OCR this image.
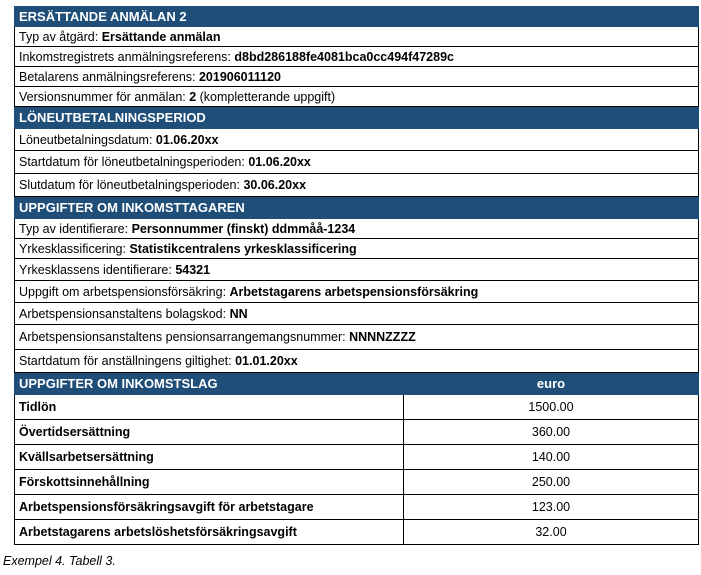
ERSÄTTANDE ANMÄLAN 2	
Typ av åtgärd: Ersättande anmälan	
Inkomstregistrets anmälningsreferens: d8bd286188fe4081bca0cc494f47289c	
Betalarens anmälningsreferens: 201906011120	
Versionsnummer för anmälan: 2 (kompletterande uppgift)	
LÖNEUTBETALNINGSPERIOD	
Löneutbetalningsdatum: 01.06.20xx	
Startdatum för löneutbetalningsperioden: 01.06.20xx	
Slutdatum för löneutbetalningsperioden: 30.06.20xx	
UPPGIFTER OM INKOMSTTAGAREN	
Typ av identifierare: Personnummer (finskt) ddmmåå-1234	
Yrkesklassificering: Statistikcentralens yrkesklassificering	
Yrkesklassens identifierare: 54321	
Uppgift om arbetspensionsförsäkring: Arbetstagarens arbetspensionsförsäkring	
Arbetspensionsanstaltens bolagskod: NN	
Arbetspensionsanstaltens pensionsarrangemangsnummer: NNNNZZZZ	
Startdatum för anställningens giltighet: 01.01.20xx	
UPPGIFTER OM INKOMSTSLAG	euro
Tidlön	1500.00
Övertidsersättning	360.00
Kvällsarbetsersättning	140.00
Förskottsinnehållning	250.00
Arbetspensionsförsäkringsavgift för arbetstagare	123.00
Arbetstagarens arbetslöshetsförsäkringsavgift	32.00
Exempel 4. Tabell 3.
